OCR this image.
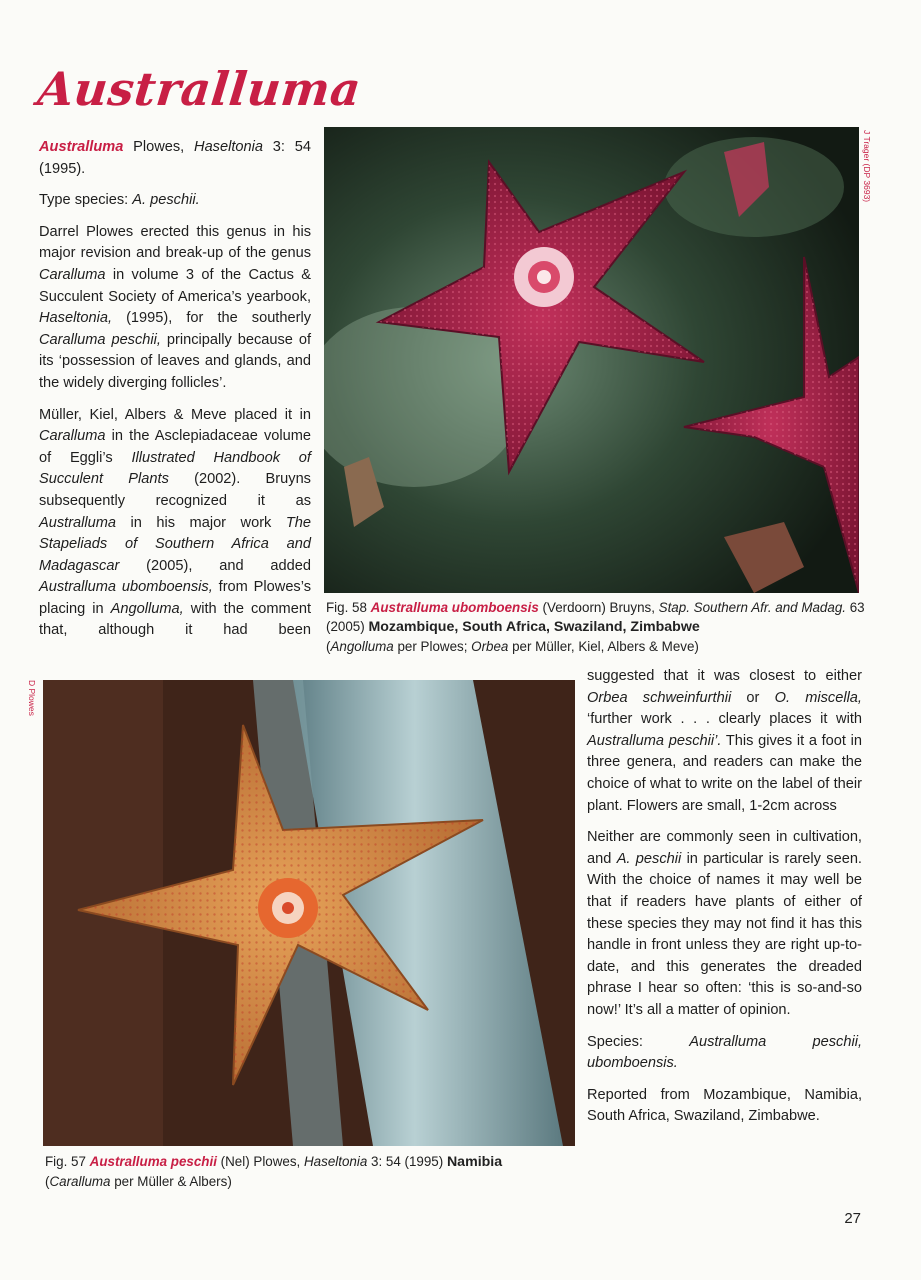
Australluma

Australluma Plowes, Haseltonia 3: 54 (1995).

Type species: A. peschii.

Darrel Plowes erected this genus in his major revision and break-up of the genus Caralluma in volume 3 of the Cactus & Succulent Society of America’s yearbook, Haseltonia, (1995), for the southerly Caralluma peschii, principally because of its ‘possession of leaves and glands, and the widely diverging follicles’.

Müller, Kiel, Albers & Meve placed it in Caralluma in the Asclepiadaceae volume of Eggli’s Illustrated Handbook of Succulent Plants (2002). Bruyns subsequently recognized it as Australluma in his major work The Stapeliads of Southern Africa and Madagascar (2005), and added Australluma ubomboensis, from Plowes’s placing in Angolluma, with the comment that, although it had been

J Trager (DP 3693)
Fig. 58 Australluma ubomboensis (Verdoorn) Bruyns, Stap. Southern Afr. and Madag. 63 (2005) Mozambique, South Africa, Swaziland, Zimbabwe
(Angolluma per Plowes; Orbea per Müller, Kiel, Albers & Meve)
D Plowes

suggested that it was closest to either Orbea schweinfurthii or O. miscella, ‘further work . . . clearly places it with Australluma peschii’. This gives it a foot in three genera, and readers can make the choice of what to write on the label of their plant. Flowers are small, 1-2cm across

Neither are commonly seen in cultivation, and A. peschii in particular is rarely seen. With the choice of names it may well be that if readers have plants of either of these species they may not find it has this handle in front unless they are right up-to-date, and this generates the dreaded phrase I hear so often: ‘this is so-and-so now!’ It’s all a matter of opinion.

Species: Australluma peschii, ubomboensis.

Reported from Mozambique, Namibia, South Africa, Swaziland, Zimbabwe.

Fig. 57 Australluma peschii (Nel) Plowes, Haseltonia 3: 54 (1995) Namibia
(Caralluma per Müller & Albers)
27
